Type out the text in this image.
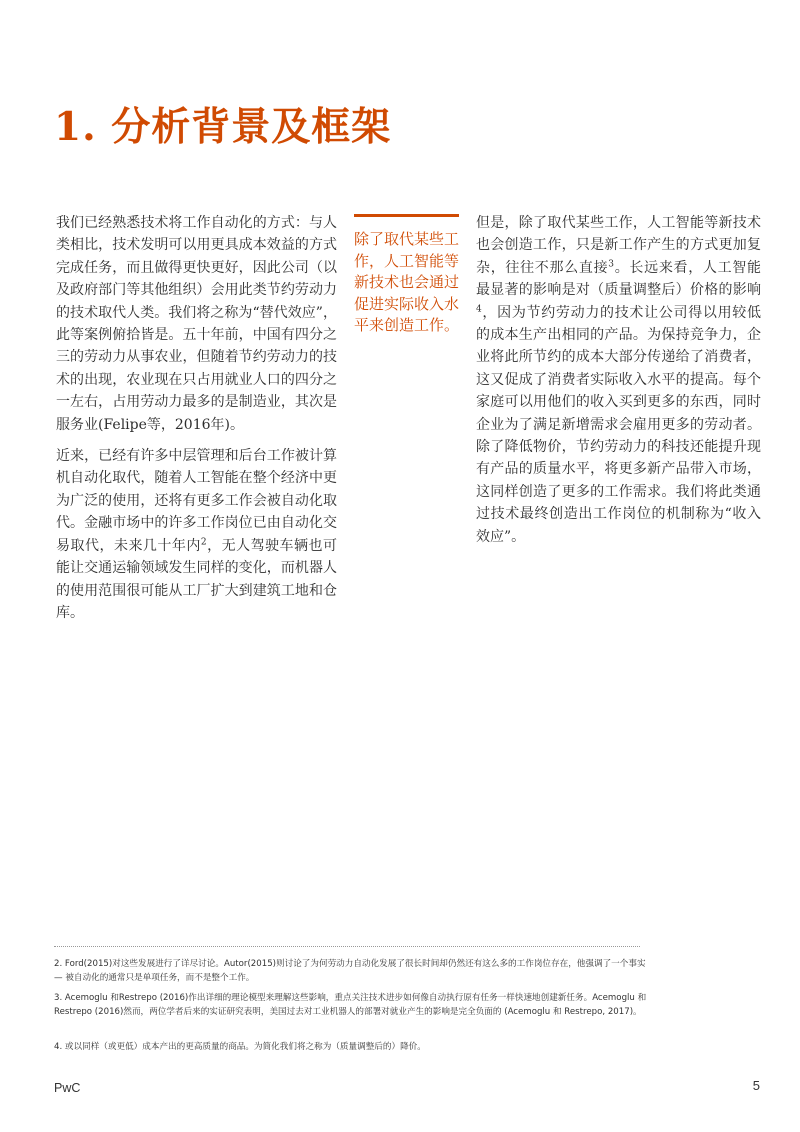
1. 分析背景及框架

我们已经熟悉技术将工作自动化的方式：与人类相比，技术发明可以用更具成本效益的方式完成任务，而且做得更快更好，因此公司（以及政府部门等其他组织）会用此类节约劳动力的技术取代人类。我们将之称为“替代效应”，此等案例俯拾皆是。五十年前，中国有四分之三的劳动力从事农业，但随着节约劳动力的技术的出现，农业现在只占用就业人口的四分之一左右，占用劳动力最多的是制造业，其次是服务业(Felipe等，2016年)。

近来，已经有许多中层管理和后台工作被计算机自动化取代，随着人工智能在整个经济中更为广泛的使用，还将有更多工作会被自动化取代。金融市场中的许多工作岗位已由自动化交易取代，未来几十年内$^2$，无人驾驶车辆也可能让交通运输领域发生同样的变化，而机器人的使用范围很可能从工厂扩大到建筑工地和仓库。

除了取代某些工作，人工智能等新技术也会通过促进实际收入水平来创造工作。

但是，除了取代某些工作，人工智能等新技术也会创造工作，只是新工作产生的方式更加复杂，往往不那么直接$^3$。长远来看，人工智能最显著的影响是对（质量调整后）价格的影响$^4$，因为节约劳动力的技术让公司得以用较低的成本生产出相同的产品。为保持竞争力，企业将此所节约的成本大部分传递给了消费者，这又促成了消费者实际收入水平的提高。每个家庭可以用他们的收入买到更多的东西，同时企业为了满足新增需求会雇用更多的劳动者。除了降低物价，节约劳动力的科技还能提升现有产品的质量水平，将更多新产品带入市场，这同样创造了更多的工作需求。我们将此类通过技术最终创造出工作岗位的机制称为“收入效应”。

2. Ford(2015)对这些发展进行了详尽讨论。Autor(2015)则讨论了为何劳动力自动化发展了很长时间却仍然还有这么多的工作岗位存在，他强调了一个事实 — 被自动化的通常只是单项任务，而不是整个工作。

3. Acemoglu 和Restrepo (2016)作出详细的理论模型来理解这些影响，重点关注技术进步如何像自动执行原有任务一样快速地创建新任务。Acemoglu 和Restrepo (2016)然而，两位学者后来的实证研究表明，美国过去对工业机器人的部署对就业产生的影响是完全负面的 (Acemoglu 和 Restrepo, 2017)。

4. 或以同样（或更低）成本产出的更高质量的商品。为简化我们将之称为（质量调整后的）降价。

PwC	5
